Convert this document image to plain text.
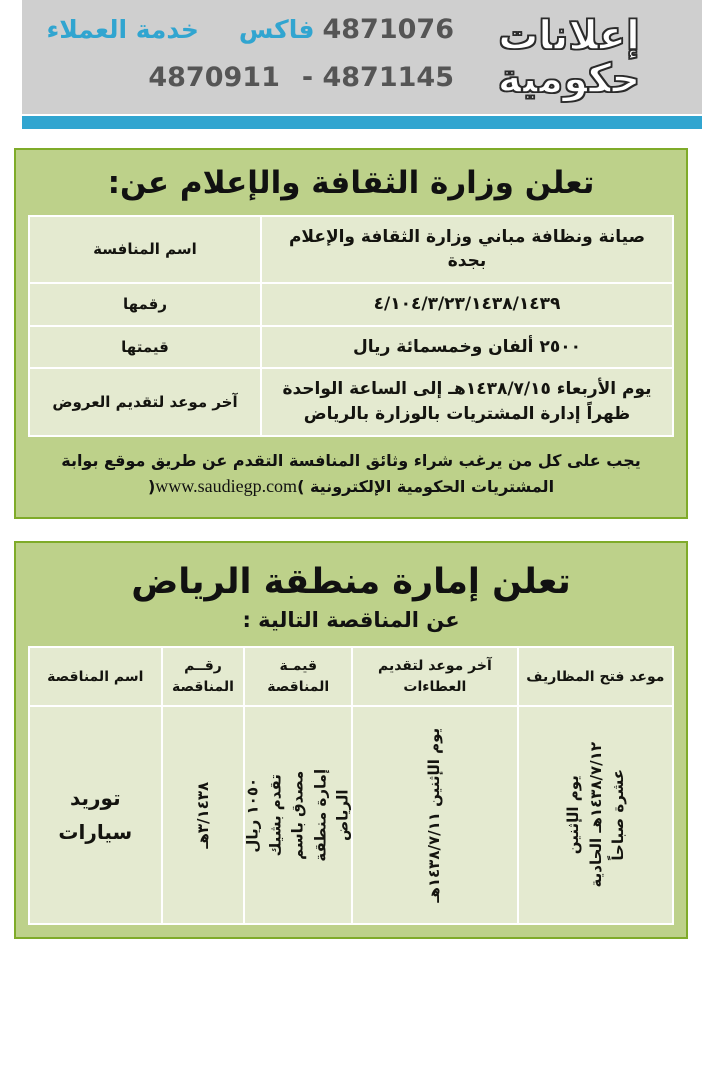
4871076
فاكس
خدمة العملاء
- 4871145
4870911
إعلانات
حكومية
تعلن وزارة الثقافة والإعلام عن:
صيانة ونظافة مباني وزارة الثقافة والإعلام بجدة	اسم المنافسة
٤/١٠٤/٣/٢٣/١٤٣٨/١٤٣٩	رقمها
٢٥٠٠ ألفان وخمسمائة ريال	قيمتها
يوم الأربعاء ١٤٣٨/٧/١٥هـ إلى الساعة الواحدة ظهراً إدارة المشتريات بالوزارة بالرياض	آخر موعد لتقديم العروض
يجب على كل من يرغب شراء وثائق المنافسة التقدم عن طريق موقع بوابة المشتريات الحكومية الإلكترونية )www.saudiegp.com(
تعلن إمارة منطقة الرياض
عن المناقصة التالية :
موعد فتح المظاريف	آخر موعد لتقديم العطاءات	قيمـة المناقصة	رقــم المناقصة	اسم المناقصة

يوم الإثنين ١٤٣٨/٧/١٢هـ الحادية عشرة صباحاً	يوم الإثنين ١٤٣٨/٧/١١هـ	١٠٥٠ ريال تقدم بشيك مصدق باسم إمارة منطقة الرياض	٣/١٤٣٨هـ	توريد سيارات
